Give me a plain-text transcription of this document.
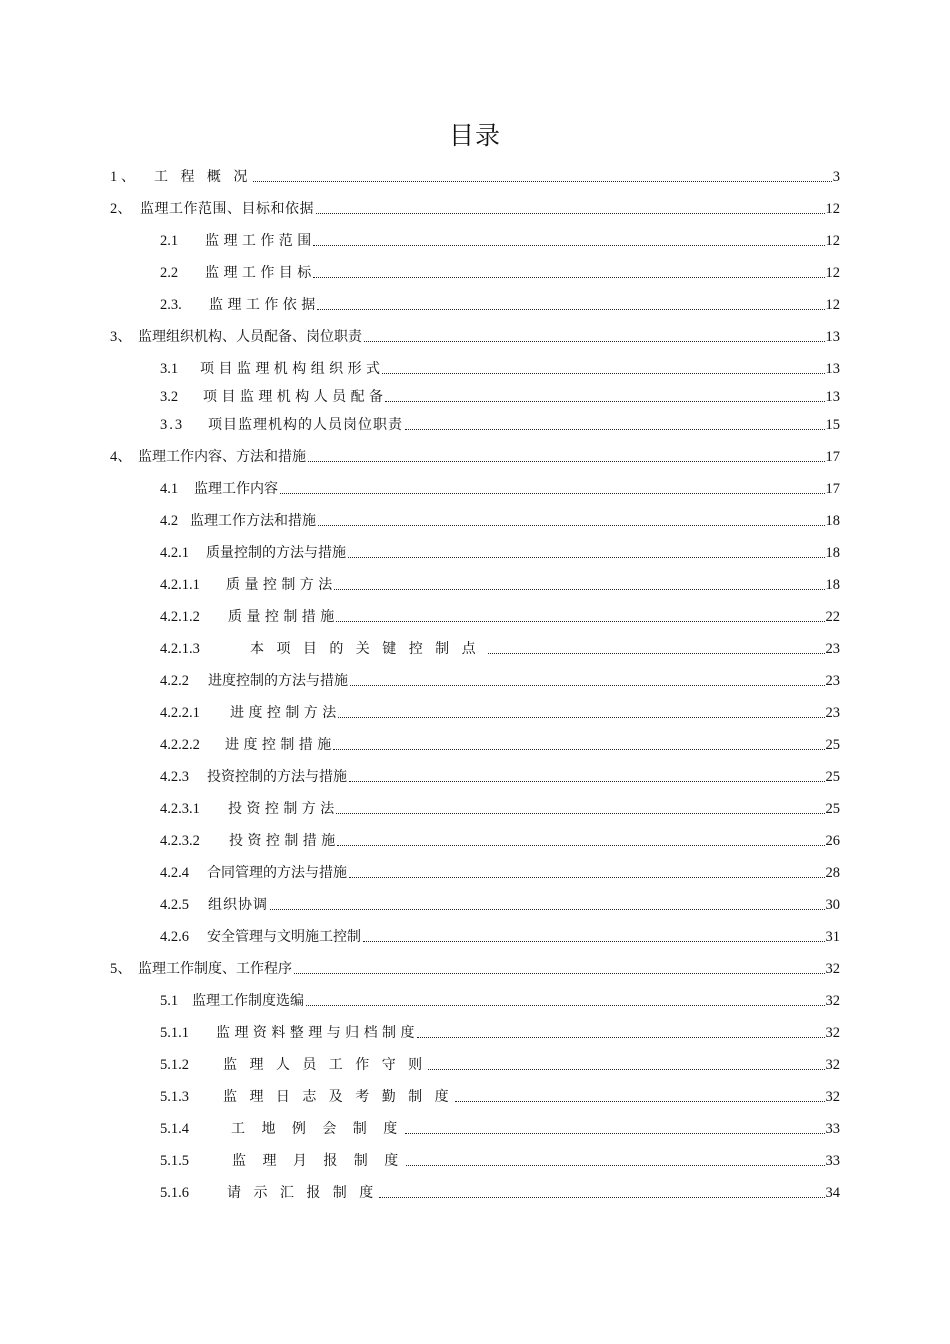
目录
1 、	工 程 概 况	3
2、 监理工作范围、目标和依据	12
2.1	监 理 工 作 范 围	12
2.2	监 理 工 作 目 标	12
2.3.	监 理 工 作 依 据	12
3、 监理组织机构、人员配备、岗位职责	13
3.1	项 目 监 理 机 构 组 织 形 式	13
3.2	项 目 监 理 机 构 人 员 配 备	13
3.3	项目监理机构的人员岗位职责	15
4、 监理工作内容、方法和措施	17
4.1	监理工作内容	17
4.2 监理工作方法和措施	18
4.2.1	质量控制的方法与措施	18
4.2.1.1	质 量 控 制 方 法	18
4.2.1.2	质 量 控 制 措 施	22
4.2.1.3	本 项 目 的 关 键 控 制 点	23
4.2.2	进度控制的方法与措施	23
4.2.2.1	进 度 控 制 方 法	23
4.2.2.2	进 度 控 制 措 施	25
4.2.3	投资控制的方法与措施	25
4.2.3.1	投 资 控 制 方 法	25
4.2.3.2	投 资 控 制 措 施	26
4.2.4	合同管理的方法与措施	28
4.2.5	组织协调	30
4.2.6	安全管理与文明施工控制	31
5、 监理工作制度、工作程序	32
5.1 监理工作制度选编	32
5.1.1	监 理 资 料 整 理 与 归 档 制 度	32
5.1.2	监 理 人 员 工 作 守 则	32
5.1.3	监 理 日 志 及 考 勤 制 度	32
5.1.4	工 地 例 会 制 度	33
5.1.5	监 理 月 报 制 度	33
5.1.6	请 示 汇 报 制 度	34
